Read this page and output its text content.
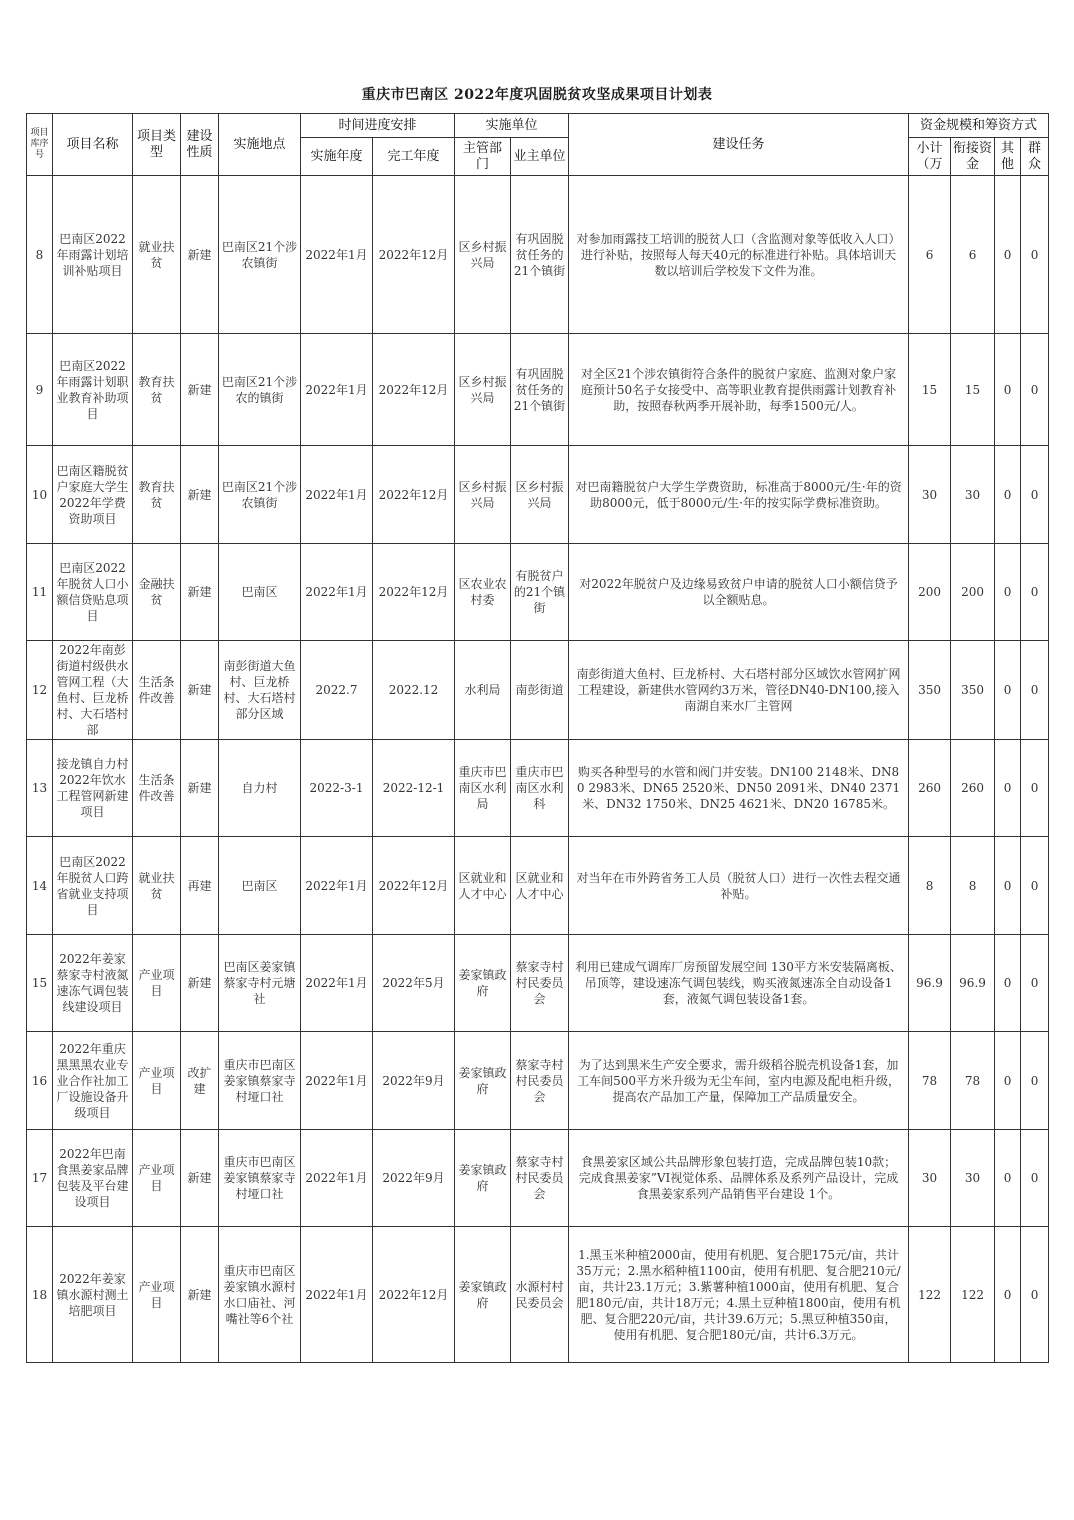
重庆市巴南区 2022年度巩固脱贫攻坚成果项目计划表
项目库序号	项目名称	项目类型	建设性质	实施地点	时间进度安排		实施单位		建设任务	资金规模和筹资方式			
					实施年度	完工年度	主管部门	业主单位		小计（万	衔接资金	其他	群众
8	巴南区2022年雨露计划培训补贴项目	就业扶贫	新建	巴南区21个涉农镇街	2022年1月	2022年12月	区乡村振兴局	有巩固脱贫任务的21个镇街	对参加雨露技工培训的脱贫人口（含监测对象等低收入人口）进行补贴，按照每人每天40元的标准进行补贴。具体培训天数以培训后学校发下文件为准。	6	6	0	0
9	巴南区2022年雨露计划职业教育补助项目	教育扶贫	新建	巴南区21个涉农的镇街	2022年1月	2022年12月	区乡村振兴局	有巩固脱贫任务的21个镇街	对全区21个涉农镇街符合条件的脱贫户家庭、监测对象户家庭预计50名子女接受中、高等职业教育提供雨露计划教育补助，按照春秋两季开展补助，每季1500元/人。	15	15	0	0
10	巴南区籍脱贫户家庭大学生2022年学费资助项目	教育扶贫	新建	巴南区21个涉农镇街	2022年1月	2022年12月	区乡村振兴局	区乡村振兴局	对巴南籍脱贫户大学生学费资助，标准高于8000元/生·年的资助8000元，低于8000元/生·年的按实际学费标准资助。	30	30	0	0
11	巴南区2022年脱贫人口小额信贷贴息项目	金融扶贫	新建	巴南区	2022年1月	2022年12月	区农业农村委	有脱贫户的21个镇街	对2022年脱贫户及边缘易致贫户申请的脱贫人口小额信贷予以全额贴息。	200	200	0	0
12	2022年南彭街道村级供水管网工程（大鱼村、巨龙桥村、大石塔村部	生活条件改善	新建	南彭街道大鱼村、巨龙桥村、大石塔村部分区域	2022.7	2022.12	水利局	南彭街道	南彭街道大鱼村、巨龙桥村、大石塔村部分区域饮水管网扩网工程建设，新建供水管网约3万米，管径DN40-DN100,接入南湖自来水厂主管网	350	350	0	0
13	接龙镇自力村2022年饮水工程管网新建项目	生活条件改善	新建	自力村	2022-3-1	2022-12-1	重庆市巴南区水利局	重庆市巴南区水利科	购买各种型号的水管和阀门并安装。DN100 2148米、DN80 2983米、DN65 2520米、DN50 2091米、DN40 2371米、DN32 1750米、DN25 4621米、DN20 16785米。	260	260	0	0
14	巴南区2022年脱贫人口跨省就业支持项目	就业扶贫	再建	巴南区	2022年1月	2022年12月	区就业和人才中心	区就业和人才中心	对当年在市外跨省务工人员（脱贫人口）进行一次性去程交通补贴。	8	8	0	0
15	2022年姜家蔡家寺村液氮速冻气调包装线建设项目	产业项目	新建	巴南区姜家镇蔡家寺村元塘社	2022年1月	2022年5月	姜家镇政府	蔡家寺村村民委员会	利用已建成气调库厂房预留发展空间 130平方米安装隔离板、吊顶等，建设速冻气调包装线，购买液氮速冻全自动设备1套，液氮气调包装设备1套。	96.9	96.9	0	0
16	2022年重庆黑黑黑农业专业合作社加工厂设施设备升级项目	产业项目	改扩建	重庆市巴南区姜家镇蔡家寺村垭口社	2022年1月	2022年9月	姜家镇政府	蔡家寺村村民委员会	为了达到黑米生产安全要求，需升级稻谷脱壳机设备1套，加工车间500平方米升级为无尘车间，室内电源及配电柜升级，提高农产品加工产量，保障加工产品质量安全。	78	78	0	0
17	2022年巴南食黑姜家品牌包装及平台建设项目	产业项目	新建	重庆市巴南区姜家镇蔡家寺村垭口社	2022年1月	2022年9月	姜家镇政府	蔡家寺村村民委员会	食黑姜家区域公共品牌形象包装打造，完成品牌包装10款；完成食黑姜家”VI视觉体系、品牌体系及系列产品设计，完成食黑姜家系列产品销售平台建设 1个。	30	30	0	0
18	2022年姜家镇水源村测土培肥项目	产业项目	新建	重庆市巴南区姜家镇水源村水口庙社、河嘴社等6个社	2022年1月	2022年12月	姜家镇政府	水源村村民委员会	1.黑玉米种植2000亩，使用有机肥、复合肥175元/亩，共计35万元；2.黑水稻种植1100亩，使用有机肥、复合肥210元/亩，共计23.1万元；3.紫薯种植1000亩，使用有机肥、复合肥180元/亩，共计18万元；4.黑土豆种植1800亩，使用有机肥、复合肥220元/亩，共计39.6万元；5.黑豆种植350亩，使用有机肥、复合肥180元/亩，共计6.3万元。	122	122	0	0
